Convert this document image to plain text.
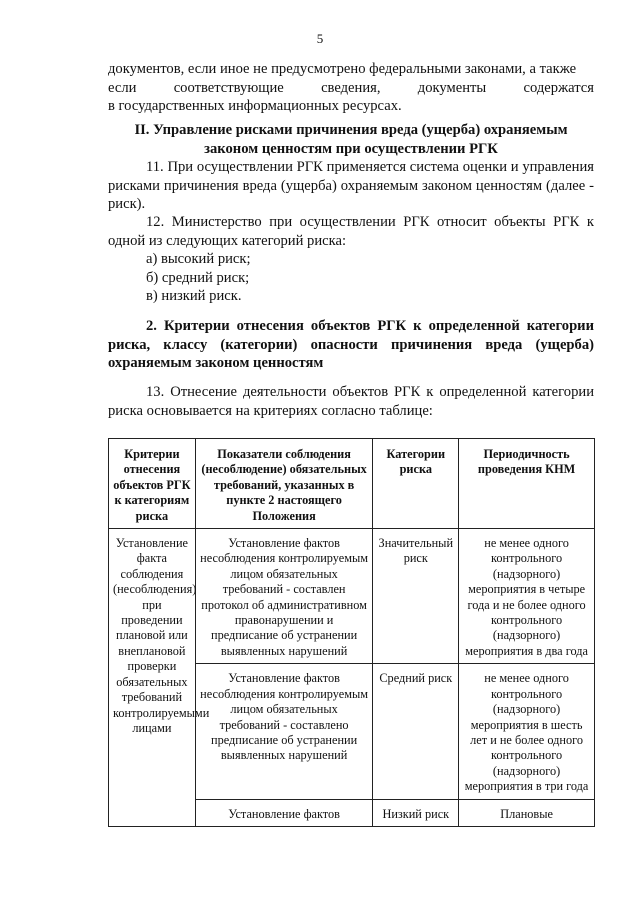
5
документов, если иное не предусмотрено федеральными законами, а также
если соответствующие сведения, документы содержатся
в государственных информационных ресурсах.
II. Управление рисками причинения вреда (ущерба) охраняемым
законом ценностям при осуществлении РГК

11. При осуществлении РГК применяется система оценки и управления рисками причинения вреда (ущерба) охраняемым законом ценностям (далее - риск).

12. Министерство при осуществлении РГК относит объекты РГК к одной из следующих категорий риска:

а) высокий риск;
б) средний риск;
в) низкий риск.

2. Критерии отнесения объектов РГК к определенной категории риска, классу (категории) опасности причинения вреда (ущерба) охраняемым законом ценностям

13. Отнесение деятельности объектов РГК к определенной категории риска основывается на критериях согласно таблице:

Критерии отнесения объектов РГК к категориям риска	Показатели соблюдения (несоблюдение) обязательных требований, указанных в пункте 2 настоящего Положения	Категории риска	Периодичность проведения КНМ
Установление факта соблюдения (несоблюдения) при проведении плановой или внеплановой проверки обязательных требований контролируемыми лицами	Установление фактов несоблюдения контролируемым лицом обязательных требований - составлен протокол об административном правонарушении и предписание об устранении выявленных нарушений	Значительный риск	не менее одного контрольного (надзорного) мероприятия в четыре года и не более одного контрольного (надзорного) мероприятия в два года
	Установление фактов несоблюдения контролируемым лицом обязательных требований - составлено предписание об устранении выявленных нарушений	Средний риск	не менее одного контрольного (надзорного) мероприятия в шесть лет и не более одного контрольного (надзорного) мероприятия в три года
	Установление фактов	Низкий риск	Плановые
